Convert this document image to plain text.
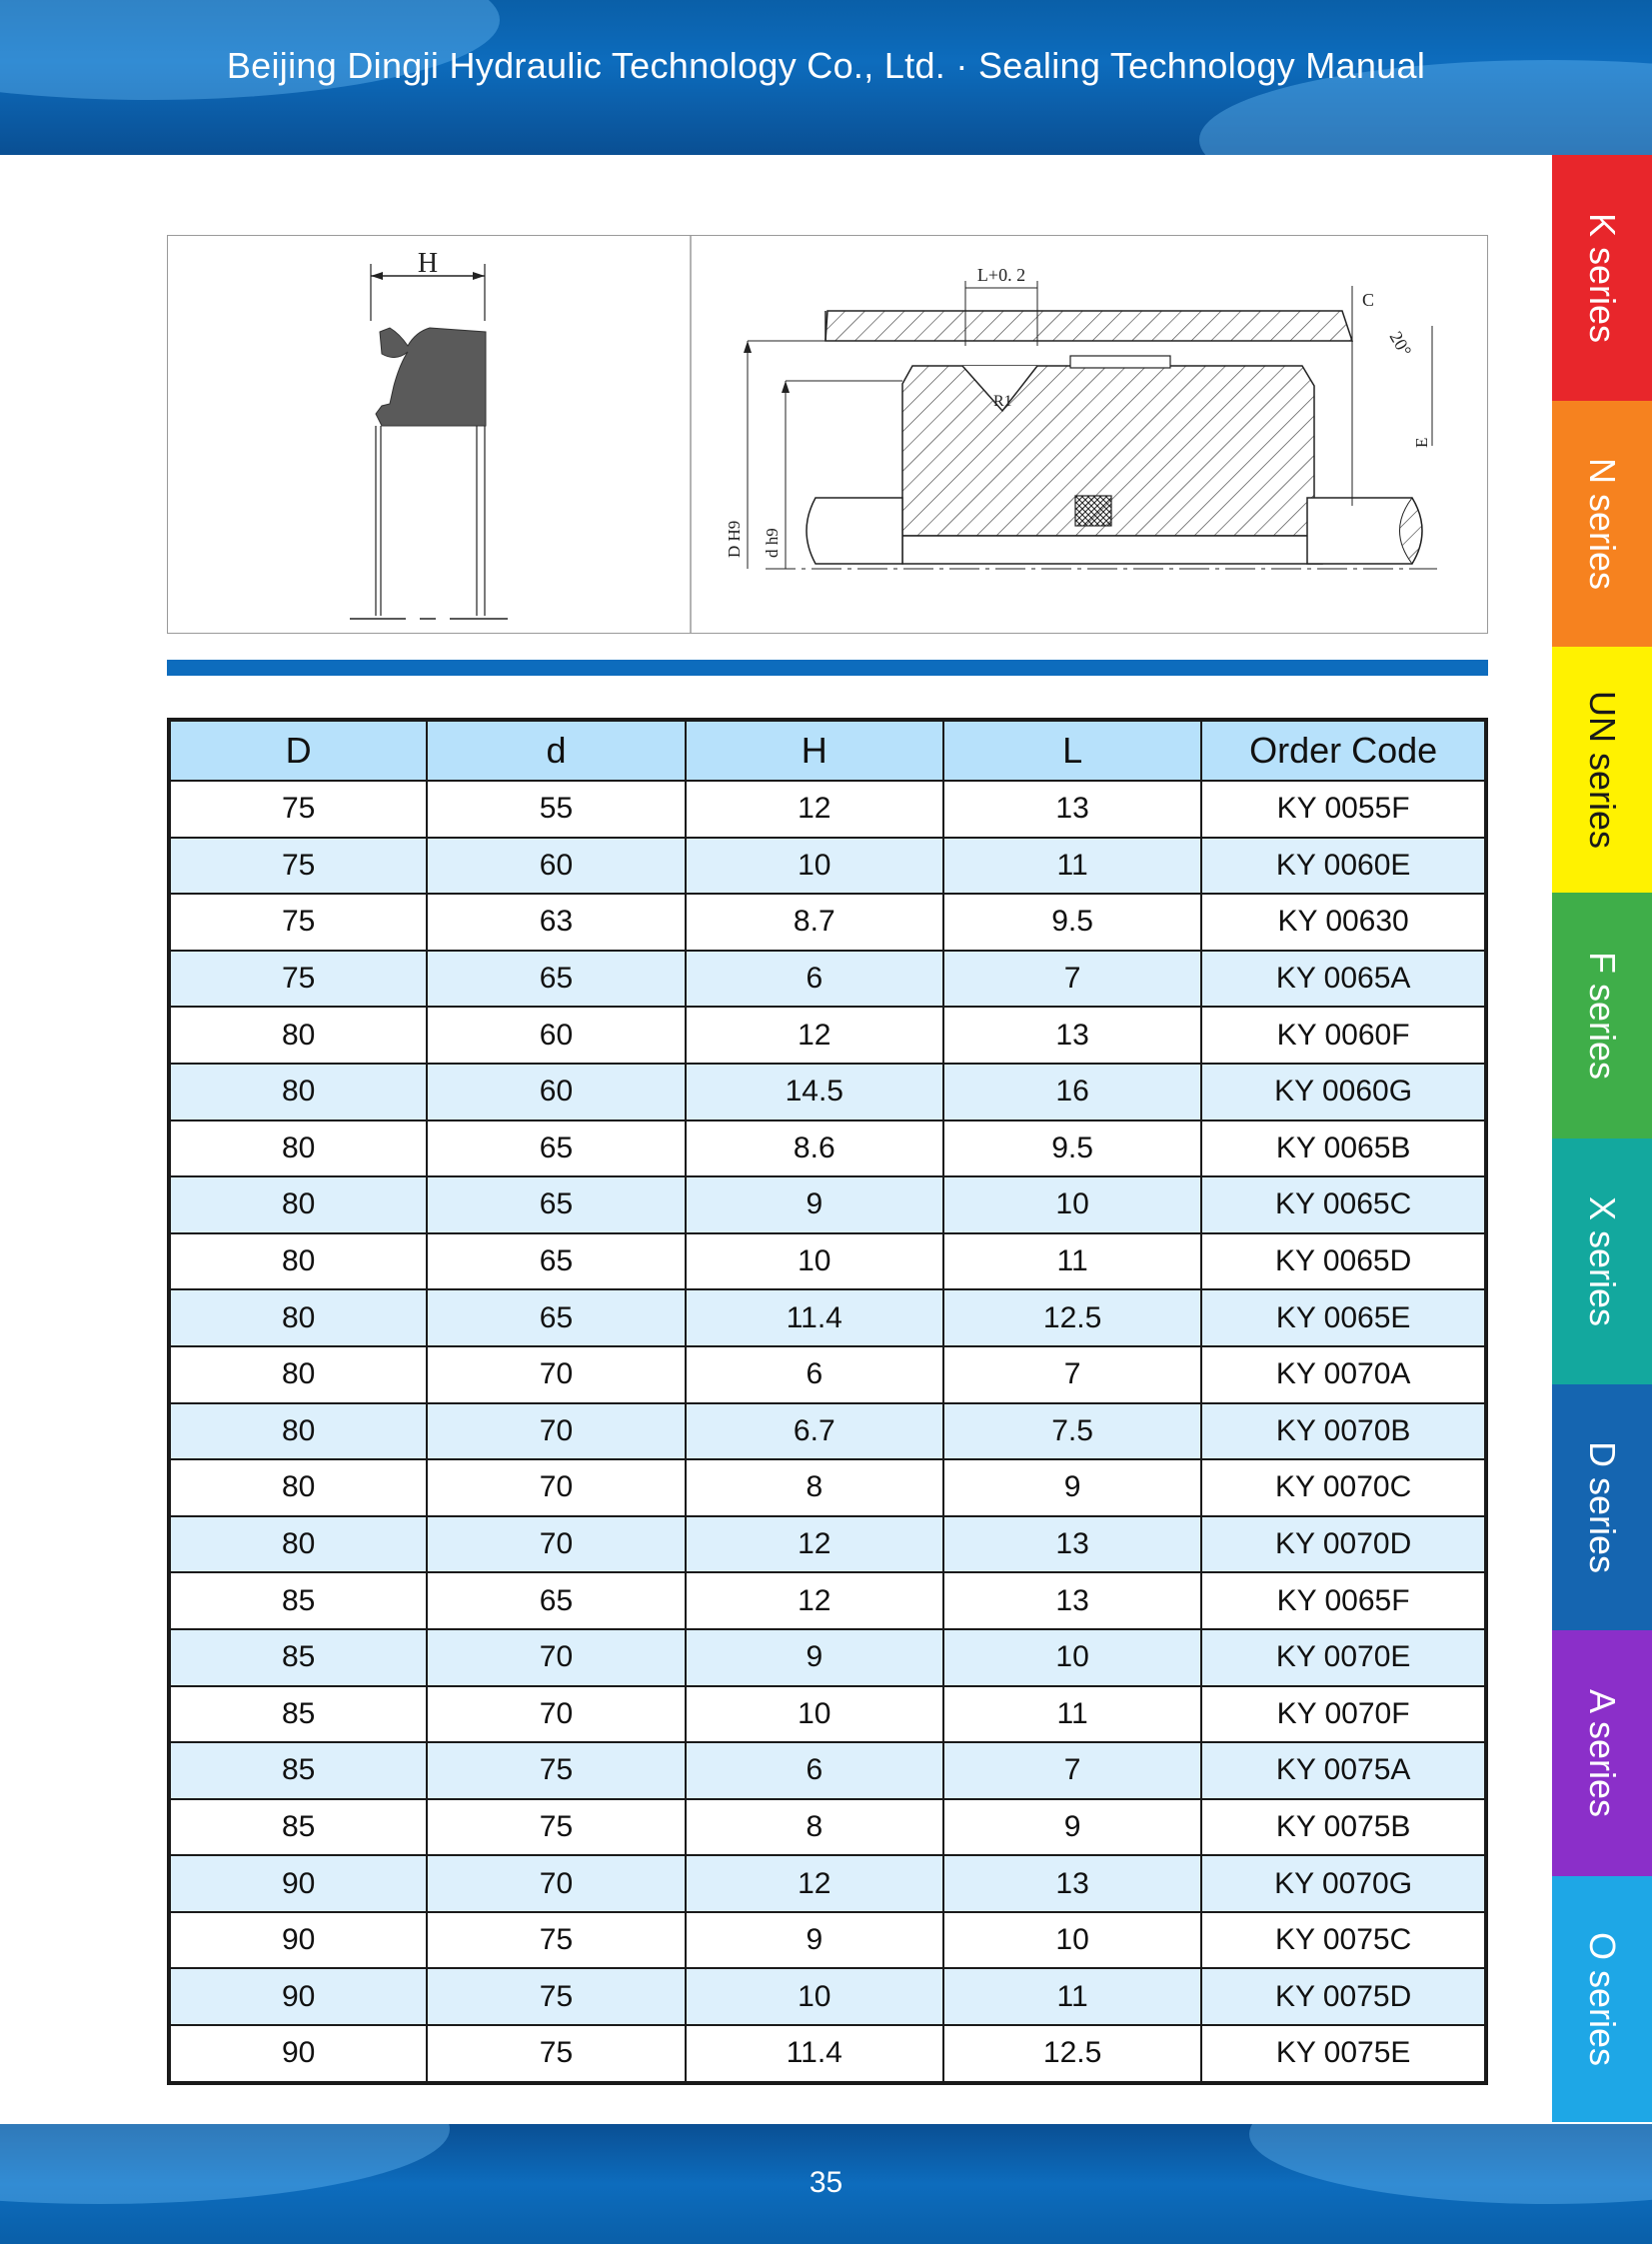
Beijing Dingji Hydraulic Technology Co., Ltd. · Sealing Technology Manual
K series
N series
UN series
F series
X series
D series
A series
O series
H	L+0. 2
C
20°
R1
D H9 d h9
E
D	d	H	L	Order Code
75	55	12	13	KY 0055F
75	60	10	11	KY 0060E
75	63	8.7	9.5	KY 00630
75	65	6	7	KY 0065A
80	60	12	13	KY 0060F
80	60	14.5	16	KY 0060G
80	65	8.6	9.5	KY 0065B
80	65	9	10	KY 0065C
80	65	10	11	KY 0065D
80	65	11.4	12.5	KY 0065E
80	70	6	7	KY 0070A
80	70	6.7	7.5	KY 0070B
80	70	8	9	KY 0070C
80	70	12	13	KY 0070D
85	65	12	13	KY 0065F
85	70	9	10	KY 0070E
85	70	10	11	KY 0070F
85	75	6	7	KY 0075A
85	75	8	9	KY 0075B
90	70	12	13	KY 0070G
90	75	9	10	KY 0075C
90	75	10	11	KY 0075D
90	75	11.4	12.5	KY 0075E
35
